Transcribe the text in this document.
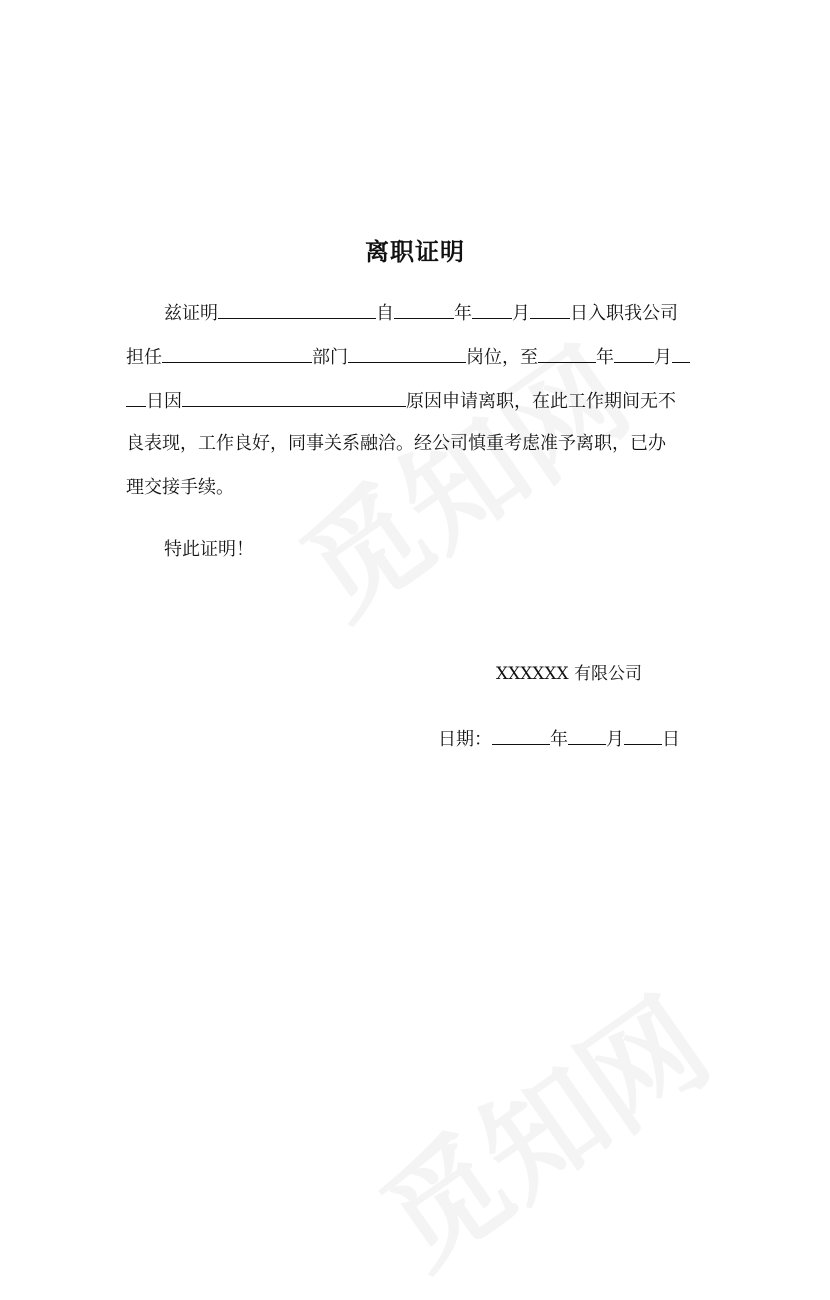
离职证明
兹证明	自	年 月 日入职我公司
担任	部门	岗位，至	年 月
日因	原因申请离职，在此工作期间无不
良表现，工作良好，同事关系融洽。经公司慎重考虑准予离职，已办
理交接手续。
特此证明！
XXXXXX 有限公司
日期：	年 月 日
